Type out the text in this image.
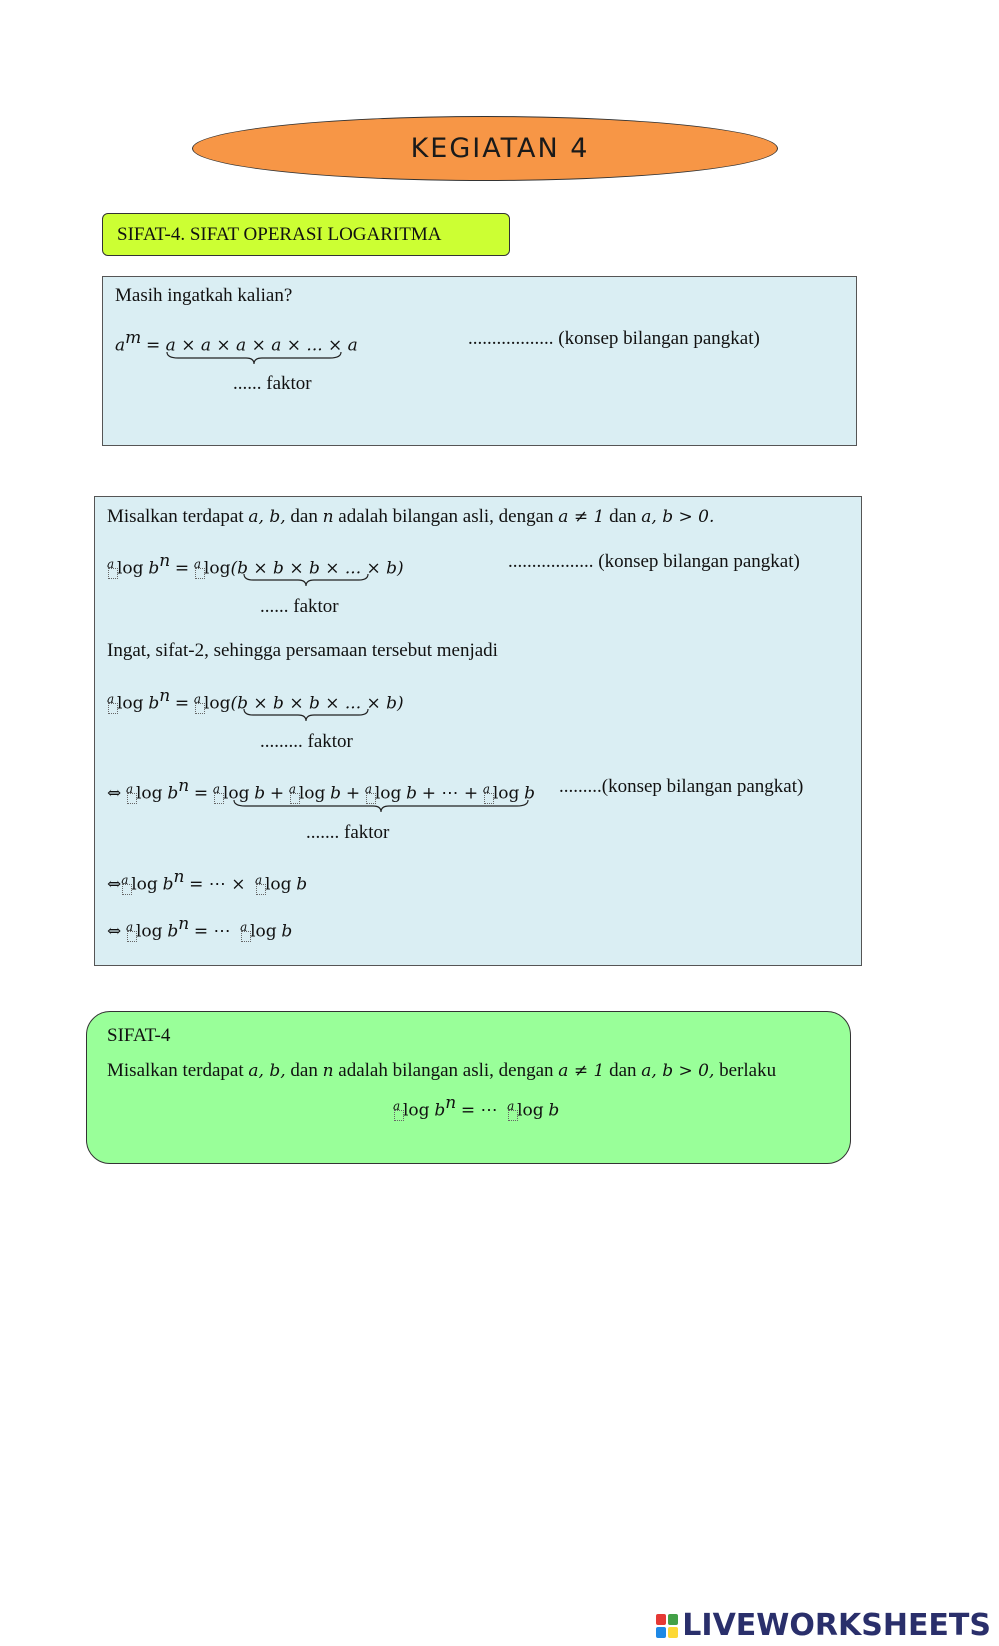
KEGIATAN 4
SIFAT-4. SIFAT OPERASI LOGARITMA
Masih ingatkah kalian?
$a^m = a \times a \times a \times a$ × ... × a	.................. (konsep bilangan pangkat)
...... faktor
Misalkan terdapat a, b, dan n adalah bilangan asli, dengan a ≠ 1 dan a, b > 0.
a $\log b^n = a$ log(b × b × b × ... × b)	.................. (konsep bilangan pangkat)
...... faktor
Ingat, sifat-2, sehingga persamaan tersebut menjadi
a $\log b^n = a$ log(b × b × b × ... × b)
......... faktor
⇔ a $\log b^n = a$ log b + a log b + a log b + ⋯ + a log b .........(konsep bilangan pangkat)
....... faktor
⇔ a $\log b^n$ = ⋯ × a log b
⇔ a $\log b^n$ = ⋯ a log b
SIFAT-4
Misalkan terdapat a, b, dan n adalah bilangan asli, dengan a ≠ 1 dan a, b > 0, berlaku
a $\log b^n$ = ⋯ a log b
LIVEWORKSHEETS
